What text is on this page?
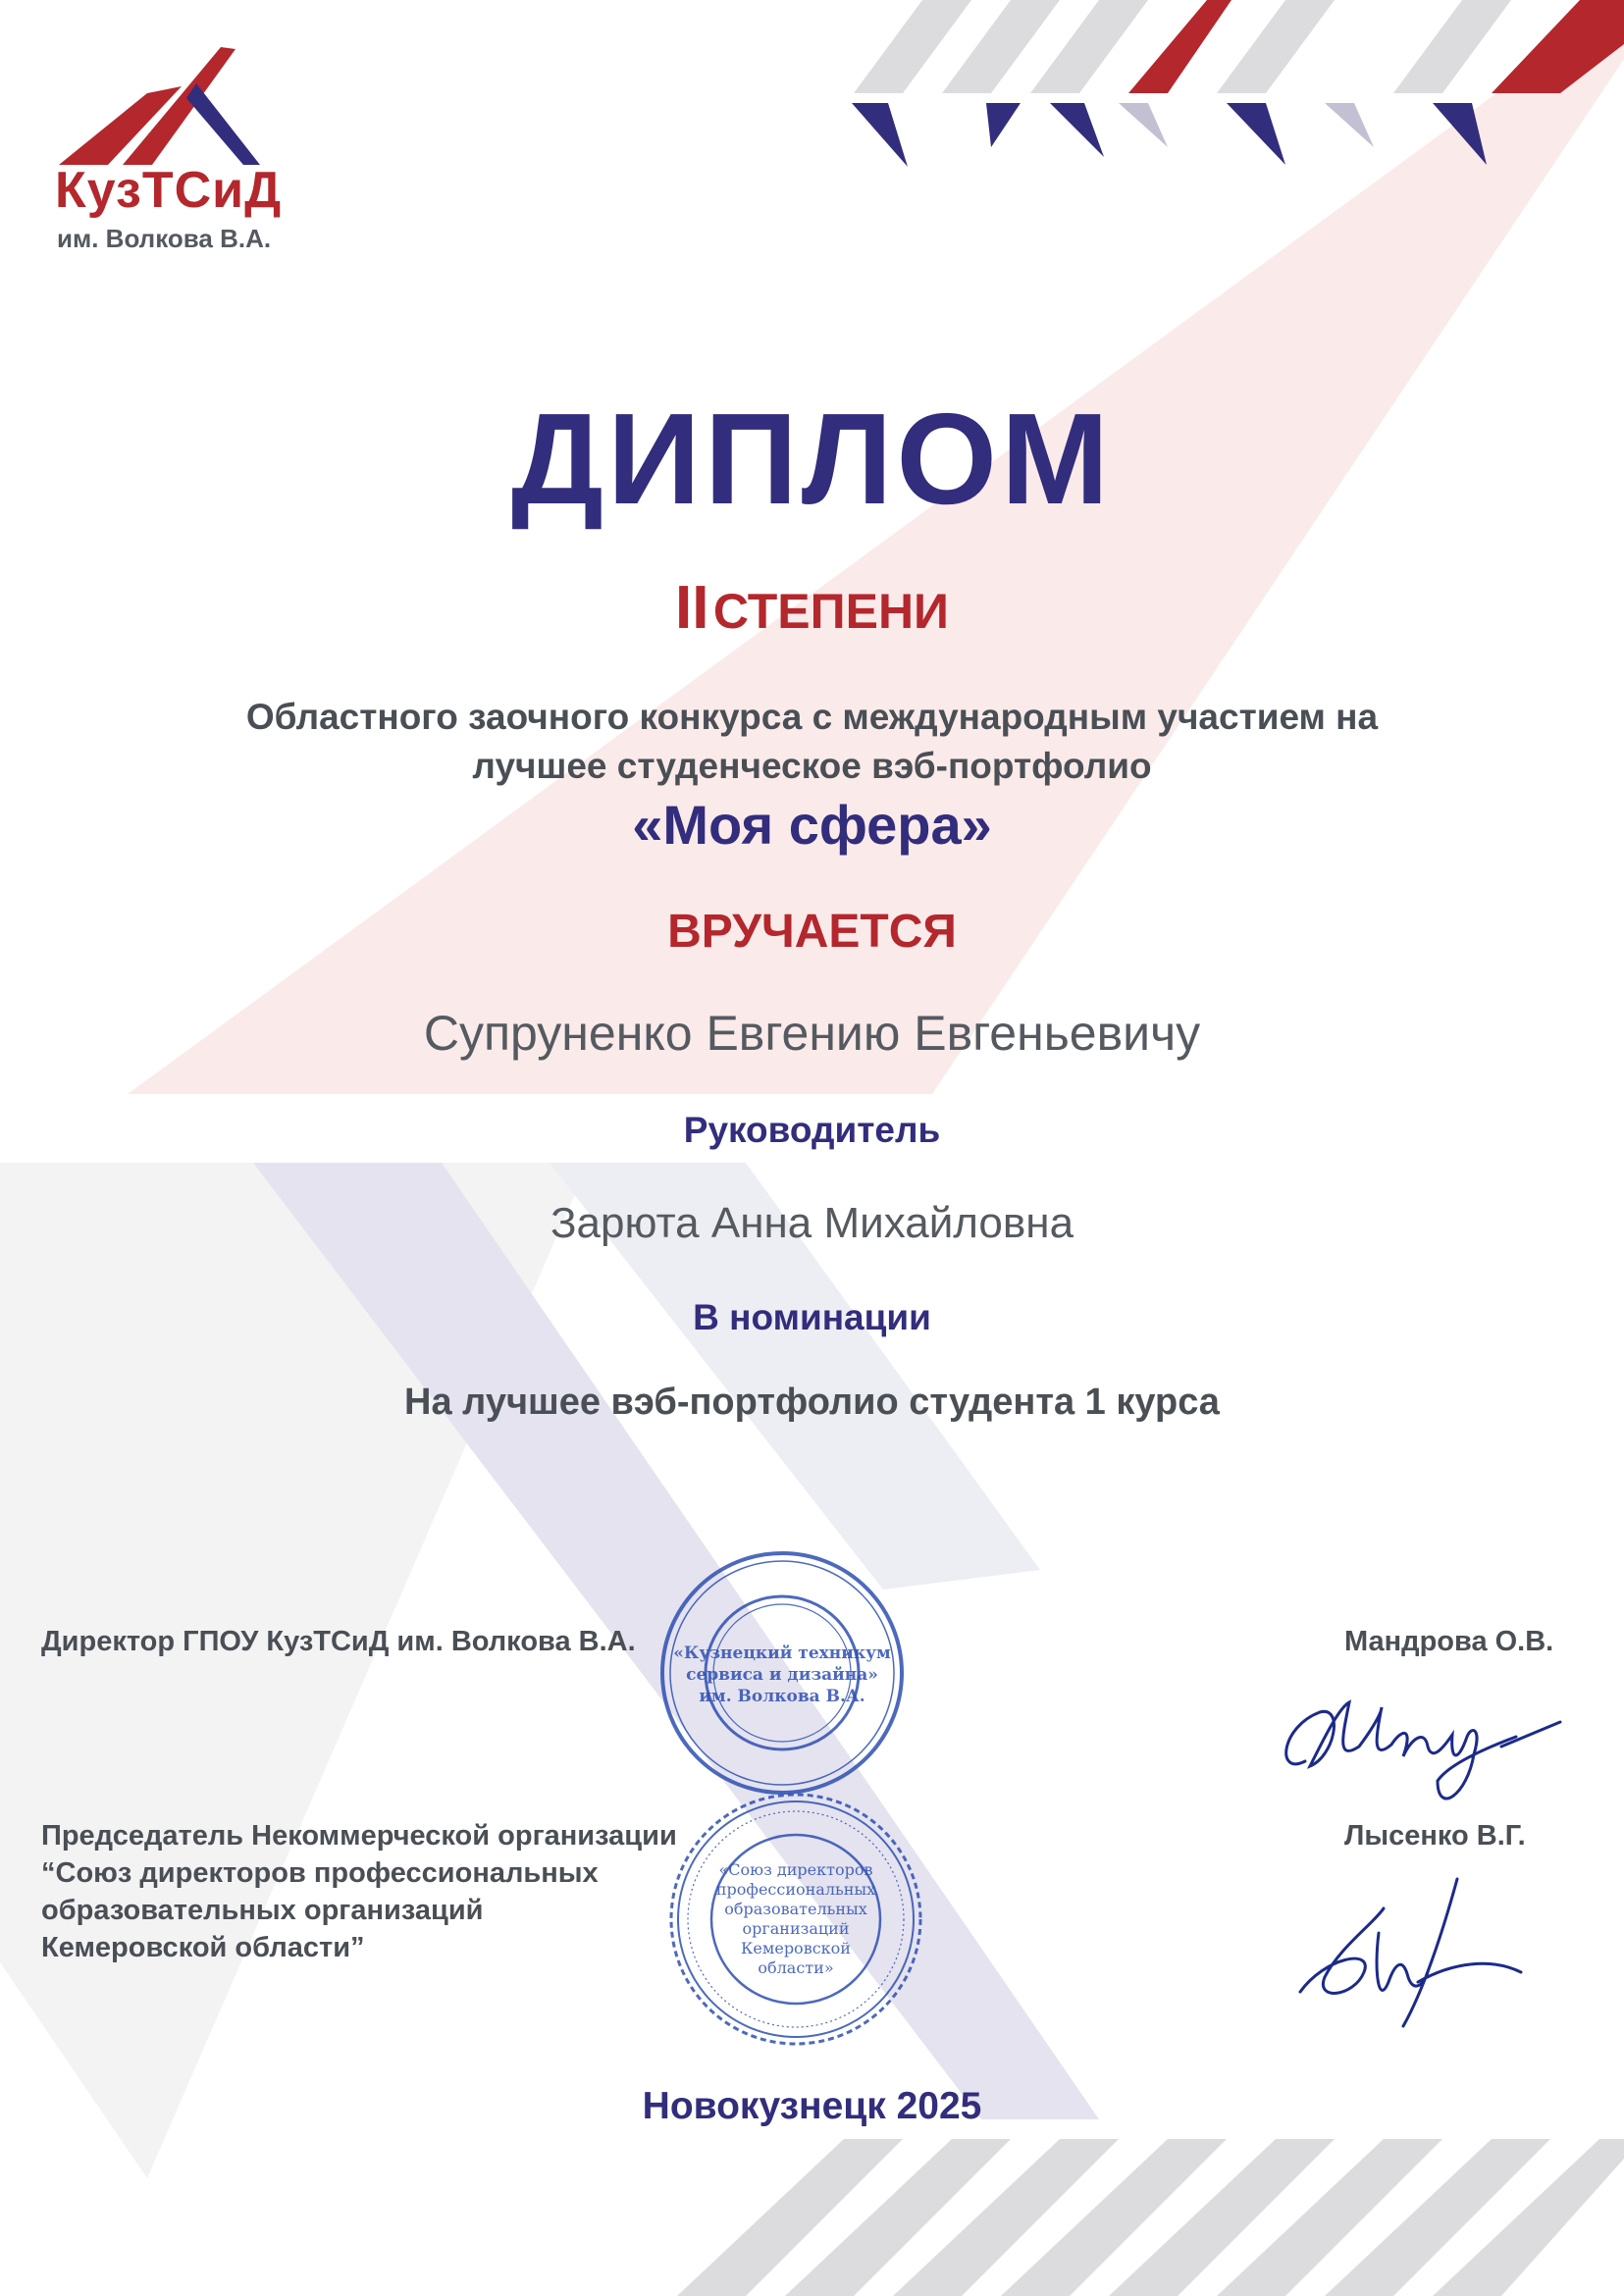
КузТСиД
им. Волкова В.А.
ДИПЛОМ
II СТЕПЕНИ
Областного заочного конкурса с международным участием на
лучшее студенческое вэб-портфолио
«Моя сфера»
ВРУЧАЕТСЯ
Супруненко Евгению Евгеньевичу
Руководитель
Зарюта Анна Михайловна
В номинации
На лучшее вэб-портфолио студента 1 курса
Директор ГПОУ КузТСиД им. Волкова В.А.	Мандрова О.В.
Председатель Некоммерческой организации
“Союз директоров профессиональных
образовательных организаций
Кемеровской области”
Лысенко В.Г.
«Кузнецкий техникум
сервиса и дизайна»
им. Волкова В.А.
«Союз директоров
профессиональных
образовательных
организаций
Кемеровской
области»
Новокузнецк 2025
